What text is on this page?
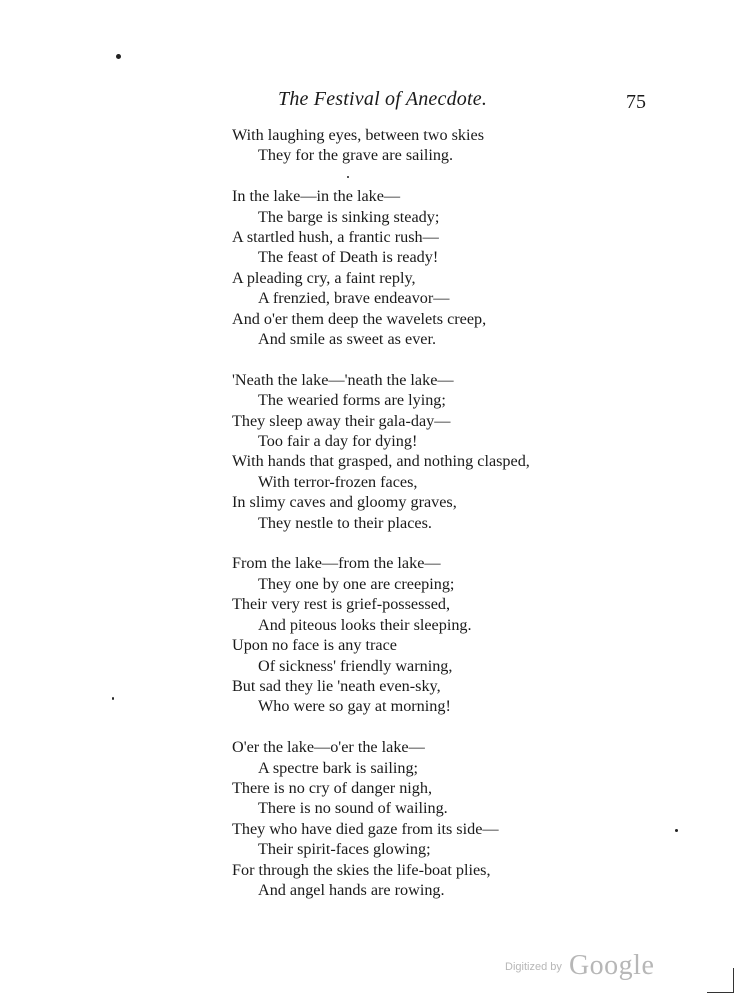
The Festival of Anecdote.	75
With laughing eyes, between two skies
They for the grave are sailing.
In the lake—in the lake—
The barge is sinking steady;
A startled hush, a frantic rush—
The feast of Death is ready!
A pleading cry, a faint reply,
A frenzied, brave endeavor—
And o'er them deep the wavelets creep,
And smile as sweet as ever.
'Neath the lake—'neath the lake—
The wearied forms are lying;
They sleep away their gala-day—
Too fair a day for dying!
With hands that grasped, and nothing clasped,
With terror-frozen faces,
In slimy caves and gloomy graves,
They nestle to their places.
From the lake—from the lake—
They one by one are creeping;
Their very rest is grief-possessed,
And piteous looks their sleeping.
Upon no face is any trace
Of sickness' friendly warning,
But sad they lie 'neath even-sky,
Who were so gay at morning!
O'er the lake—o'er the lake—
A spectre bark is sailing;
There is no cry of danger nigh,
There is no sound of wailing.
They who have died gaze from its side—
Their spirit-faces glowing;
For through the skies the life-boat plies,
And angel hands are rowing.
$^{Digitized by}$ Google
